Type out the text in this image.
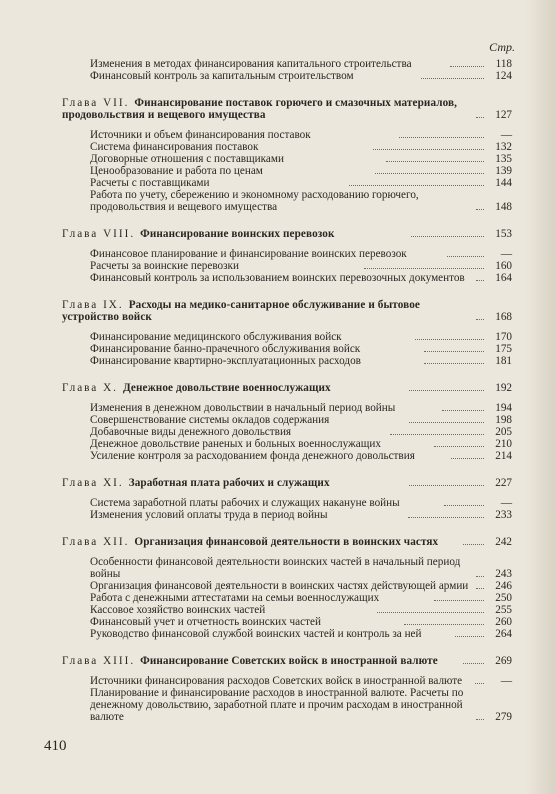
Стр.
Изменения в методах финансирования капитального строительства	118
Финансовый контроль за капитальным строительством	124
Глава VII. Финансирование поставок горючего и смазочных материалов, продовольствия и вещевого имущества	127
Источники и объем финансирования поставок	—
Система финансирования поставок	132
Договорные отношения с поставщиками	135
Ценообразование и работа по ценам	139
Расчеты с поставщиками	144
Работа по учету, сбережению и экономному расходованию горючего, продовольствия и вещевого имущества	148
Глава VIII. Финансирование воинских перевозок	153
Финансовое планирование и финансирование воинских перевозок	—
Расчеты за воинские перевозки	160
Финансовый контроль за использованием воинских перевозочных документов	164
Глава IX. Расходы на медико-санитарное обслуживание и бытовое устройство войск	168
Финансирование медицинского обслуживания войск	170
Финансирование банно-прачечного обслуживания войск	175
Финансирование квартирно-эксплуатационных расходов	181
Глава X. Денежное довольствие военнослужащих	192
Изменения в денежном довольствии в начальный период войны	194
Совершенствование системы окладов содержания	198
Добавочные виды денежного довольствия	205
Денежное довольствие раненых и больных военнослужащих	210
Усиление контроля за расходованием фонда денежного довольствия	214
Глава XI. Заработная плата рабочих и служащих	227
Система заработной платы рабочих и служащих накануне войны	—
Изменения условий оплаты труда в период войны	233
Глава XII. Организация финансовой деятельности в воинских частях	242
Особенности финансовой деятельности воинских частей в начальный период войны	243
Организация финансовой деятельности в воинских частях действующей армии	246
Работа с денежными аттестатами на семьи военнослужащих	250
Кассовое хозяйство воинских частей	255
Финансовый учет и отчетность воинских частей	260
Руководство финансовой службой воинских частей и контроль за ней	264
Глава XIII. Финансирование Советских войск в иностранной валюте	269
Источники финансирования расходов Советских войск в иностранной валюте	—
Планирование и финансирование расходов в иностранной валюте. Расчеты по денежному довольствию, заработной плате и прочим расходам в иностранной валюте	279
410
